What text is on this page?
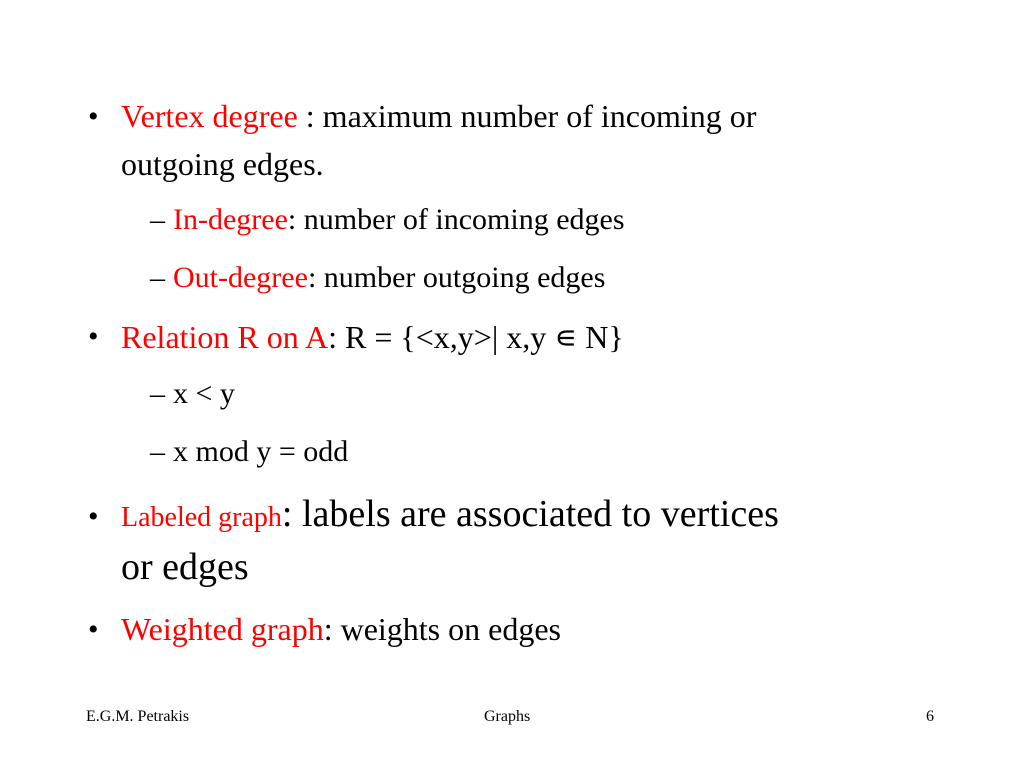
• Vertex degree : maximum number of incoming or
outgoing edges.
– In-degree: number of incoming edges
– Out-degree: number outgoing edges
• Relation R on A: R = {<x,y>| x,y ∊ N}
– x < y
– x mod y = odd
• Labeled graph: labels are associated to vertices
or edges
• Weighted graph: weights on edges
E.G.M. Petrakis	Graphs	6
